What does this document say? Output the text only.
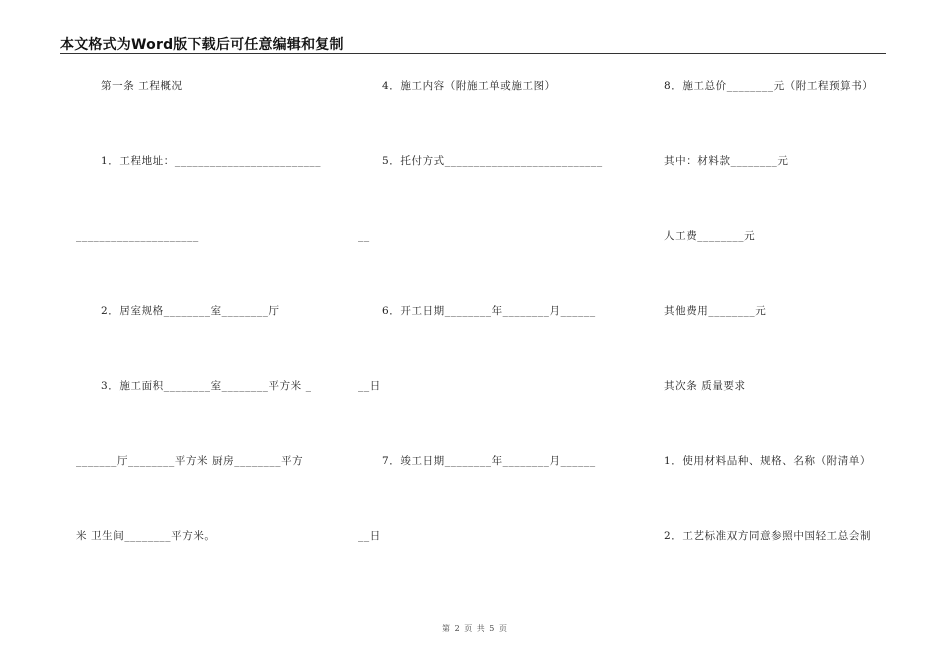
本文格式为Word版下载后可任意编辑和复制
第一条 工程概况
1．工程地址：_________________________
_____________________
2．居室规格________室________厅
3．施工面积________室________平方米 _
_______厅________平方米 厨房________平方
米 卫生间________平方米。
4．施工内容（附施工单或施工图）
5．托付方式___________________________
__
6．开工日期________年________月______
__日
7．竣工日期________年________月______
__日
8．施工总价________元（附工程预算书）
其中：材料款________元
人工费________元
其他费用________元
其次条 质量要求
1．使用材料品种、规格、名称（附清单）
2．工艺标准双方同意参照中国轻工总会制
第 2 页 共 5 页
